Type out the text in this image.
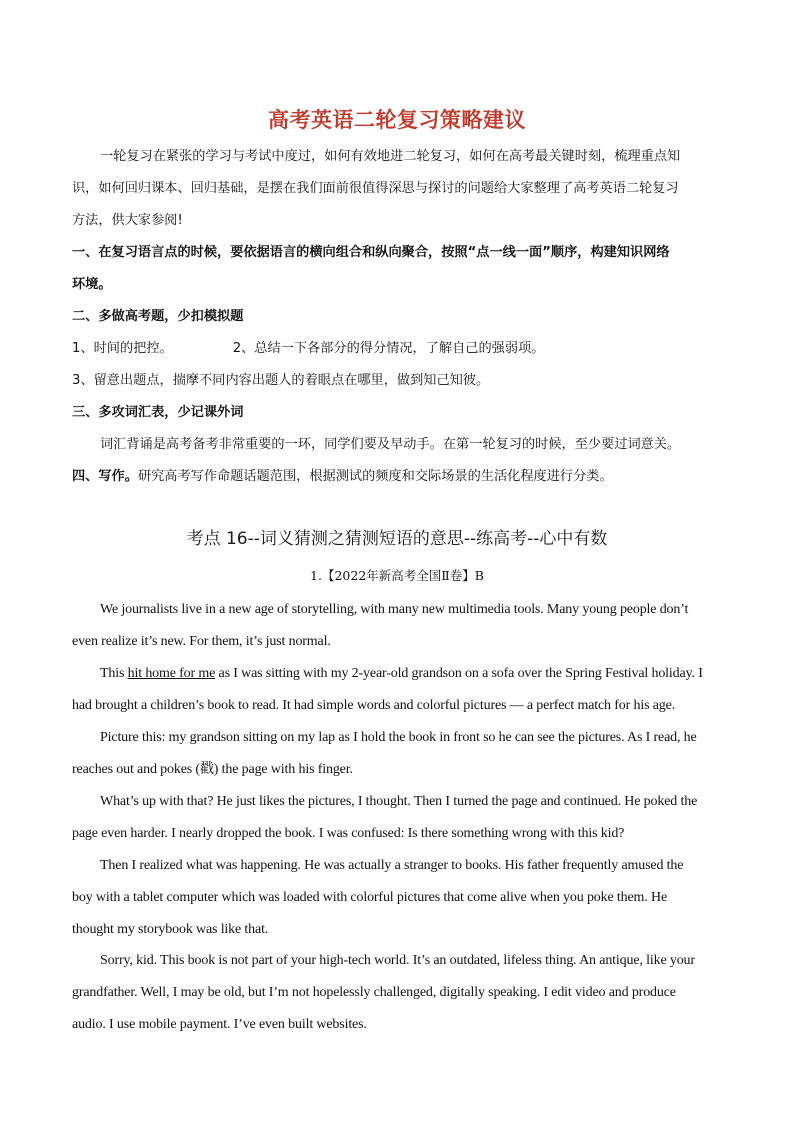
高考英语二轮复习策略建议
一轮复习在紧张的学习与考试中度过，如何有效地进二轮复习，如何在高考最关键时刻，梳理重点知
识，如何回归课本、回归基础，是摆在我们面前很值得深思与探讨的问题给大家整理了高考英语二轮复习
方法，供大家参阅!
一、在复习语言点的时候，要依据语言的横向组合和纵向聚合，按照“点一线一面”顺序，构建知识网络
环境。
二、多做高考题，少扣模拟题
1、时间的把控。	2、总结一下各部分的得分情况，了解自己的强弱项。
3、留意出题点，揣摩不同内容出题人的着眼点在哪里，做到知己知彼。
三、多攻词汇表，少记课外词
词汇背诵是高考备考非常重要的一环，同学们要及早动手。在第一轮复习的时候，至少要过词意关。
四、写作。研究高考写作命题话题范围，根据测试的频度和交际场景的生活化程度进行分类。
考点 16--词义猜测之猜测短语的意思--练高考--心中有数
1.【2022年新高考全国Ⅱ卷】B
We journalists live in a new age of storytelling, with many new multimedia tools. Many young people don’t
even realize it’s new. For them, it’s just normal.
This hit home for me as I was sitting with my 2-year-old grandson on a sofa over the Spring Festival holiday. I
had brought a children’s book to read. It had simple words and colorful pictures — a perfect match for his age.
Picture this: my grandson sitting on my lap as I hold the book in front so he can see the pictures. As I read, he
reaches out and pokes (戳) the page with his finger.
What’s up with that? He just likes the pictures, I thought. Then I turned the page and continued. He poked the
page even harder. I nearly dropped the book. I was confused: Is there something wrong with this kid?
Then I realized what was happening. He was actually a stranger to books. His father frequently amused the
boy with a tablet computer which was loaded with colorful pictures that come alive when you poke them. He
thought my storybook was like that.
Sorry, kid. This book is not part of your high-tech world. It’s an outdated, lifeless thing. An antique, like your
grandfather. Well, I may be old, but I’m not hopelessly challenged, digitally speaking. I edit video and produce
audio. I use mobile payment. I’ve even built websites.
